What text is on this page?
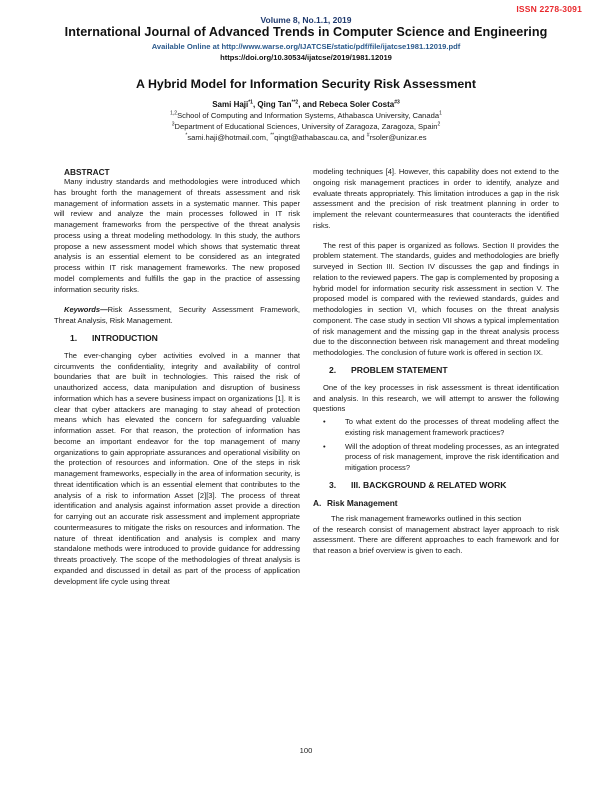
ISSN 2278-3091
Volume 8, No.1.1, 2019
International Journal of Advanced Trends in Computer Science and Engineering
Available Online at http://www.warse.org/IJATCSE/static/pdf/file/ijatcse1981.12019.pdf
https://doi.org/10.30534/ijatcse/2019/1981.12019
A Hybrid Model for Information Security Risk Assessment
Sami Haji$^{*1}$, Qing Tan$^{**2}$, and Rebeca Soler Costa$^{\#3}$
$^{1,2}$School of Computing and Information Systems, Athabasca University, Canada$^1$
$^3$Department of Educational Sciences, University of Zaragoza, Zaragoza, Spain$^2$
*sami.haji@hotmail.com, **qingt@athabascau.ca, and #rsoler@unizar.es
ABSTRACT

Many industry standards and methodologies were introduced which has brought forth the management of threats assessment and risk management of information assets in a systematic manner. This paper will review and analyze the main processes followed in IT risk management frameworks from the perspective of the threat analysis process using a threat modeling methodology. In this study, the authors propose a new assessment model which shows that systematic threat analysis is an essential element to be considered as an integrated process within IT risk management frameworks. The new proposed model complements and fulfills the gap in the practice of assessing information security risks.

Keywords—Risk Assessment, Security Assessment Framework, Threat Analysis, Risk Management.

1. INTRODUCTION

The ever-changing cyber activities evolved in a manner that circumvents the confidentiality, integrity and availability of control boundaries that are built in technologies. This raised the risk of unauthorized access, data manipulation and disruption of business information which has a severe business impact on organizations [1]. It is clear that cyber attackers are managing to stay ahead of protection means which has elevated the concern for safeguarding valuable information asset. For that reason, the protection of information has become an important endeavor for the top management of many organizations to gain appropriate assurances and operational visibility on the protection of resources and information. One of the steps in risk management frameworks, especially in the area of information security, is threat identification which is an essential element that contributes to the analysis of a risk to information Asset [2][3]. The process of threat identification and analysis against information asset provide a direction for carrying out an accurate risk assessment and implement appropriate countermeasures to mitigate the risks on resources and information. The nature of threat identification and analysis is complex and many standalone methods were introduced to provide guidance for addressing threats proactively. The scope of the methodologies of threat analysis is expanded and discussed in detail as part of the process of application development life cycle using threat

modeling techniques [4]. However, this capability does not extend to the ongoing risk management practices in order to identify, analyze and evaluate threats appropriately. This limitation introduces a gap in the risk assessment and the precision of risk treatment planning in order to implement the relevant countermeasures that counteracts the identified risks.

The rest of this paper is organized as follows. Section II provides the problem statement. The standards, guides and methodologies are briefly surveyed in Section III. Section IV discusses the gap and findings in relation to the reviewed papers. The gap is complemented by proposing a hybrid model for information security risk assessment in section V. The proposed model is compared with the reviewed standards, guides and methodologies in section VI, which focuses on the threat analysis component. The case study in section VII shows a typical implementation of risk management and the missing gap in the threat analysis process due to the disconnection between risk management and threat modeling methodologies. The conclusion of future work is offered in section IX.

2. PROBLEM STATEMENT

One of the key processes in risk assessment is threat identification and analysis. In this research, we will attempt to answer the following questions

•	To what extent do the processes of threat modeling affect the existing risk management framework practices?
•	Will the adoption of threat modeling processes, as an integrated process of risk management, improve the risk identification and mitigation process?
3. III. BACKGROUND & RELATED WORK
A. Risk Management

The risk management frameworks outlined in this section

of the research consist of management abstract layer approach to risk assessment. There are different approaches to each framework and for that reason a brief overview is given to each.

100
